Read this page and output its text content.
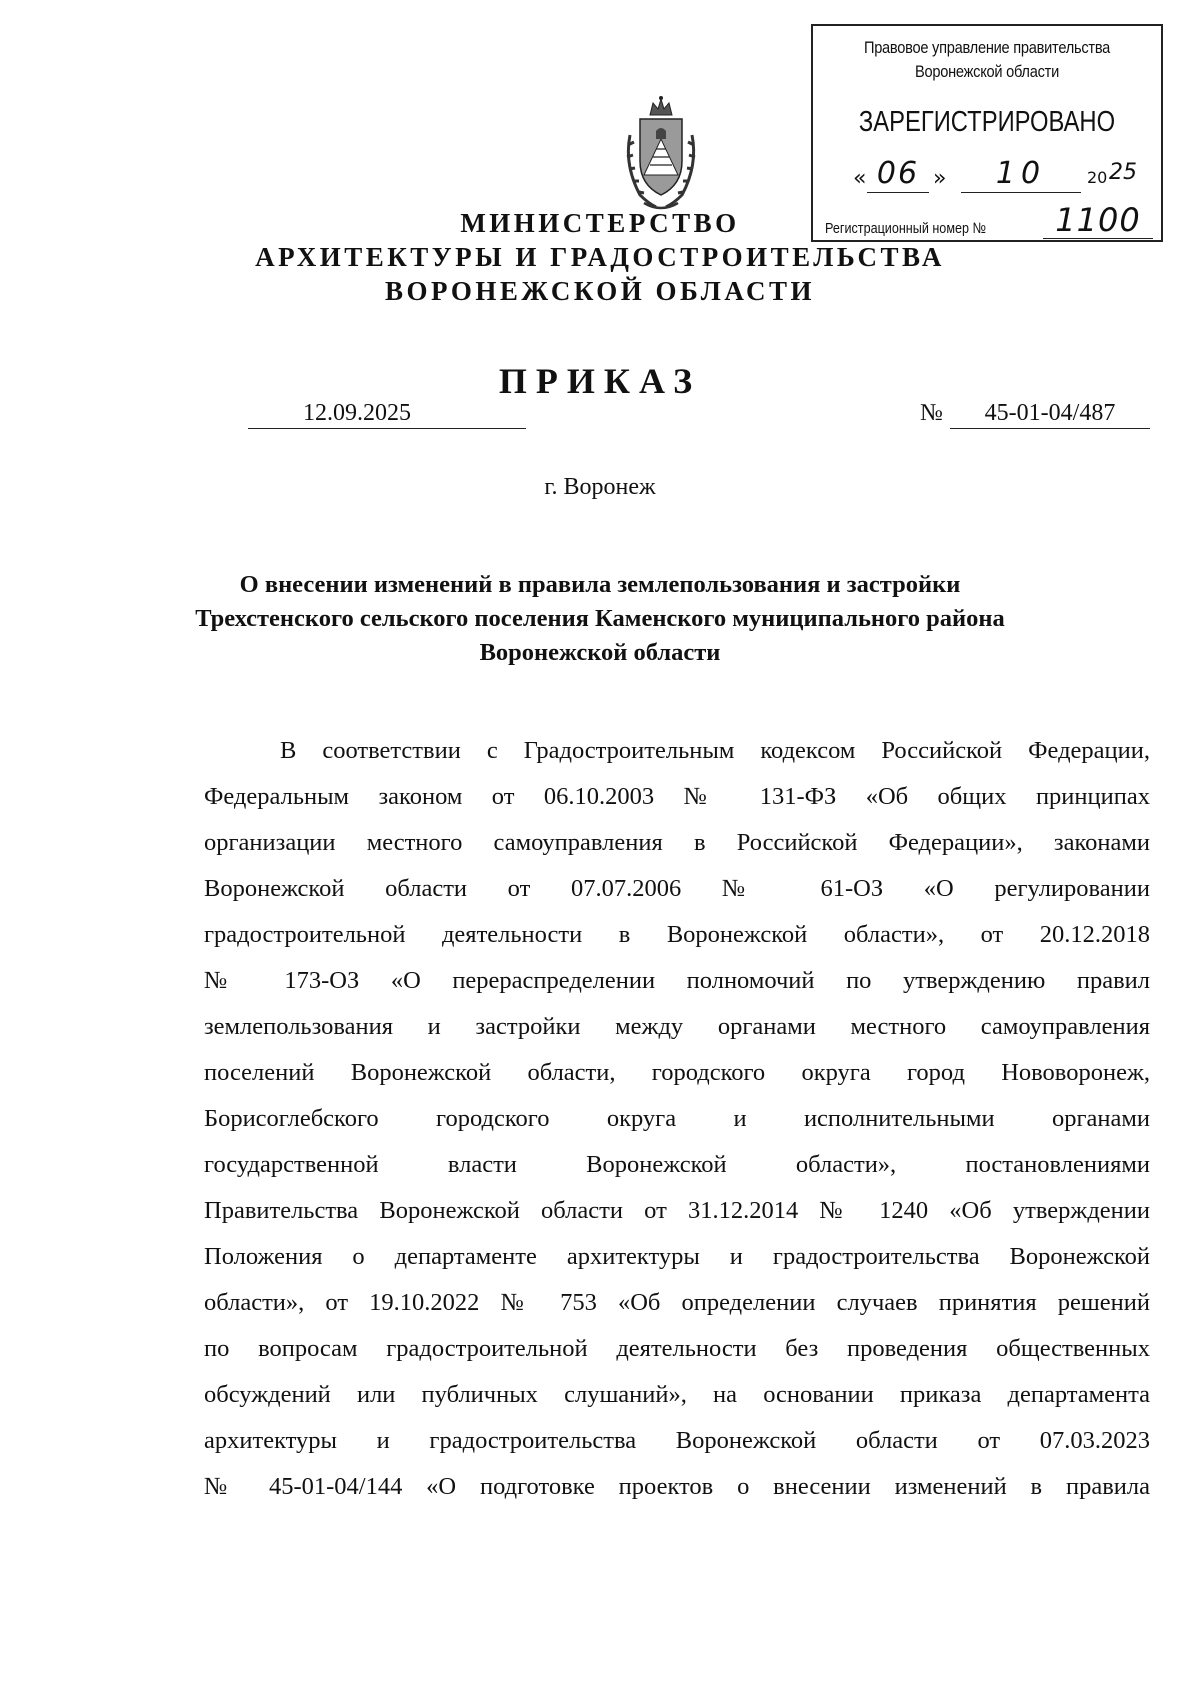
Правовое управление правительства
Воронежской области
ЗАРЕГИСТРИРОВАНО
« 06 »	10	20 25
Регистрационный номер №	1100
МИНИСТЕРСТВО
АРХИТЕКТУРЫ И ГРАДОСТРОИТЕЛЬСТВА
ВОРОНЕЖСКОЙ ОБЛАСТИ
ПРИКАЗ
12.09.2025	№	45-01-04/487
г. Воронеж
О внесении изменений в правила землепользования и застройки
Трехстенского сельского поселения Каменского муниципального района
Воронежской области
В соответствии с Градостроительным кодексом Российской Федерации,
Федеральным законом от 06.10.2003 № 131-ФЗ «Об общих принципах
организации местного самоуправления в Российской Федерации», законами
Воронежской области от 07.07.2006 № 61-ОЗ «О регулировании
градостроительной деятельности в Воронежской области», от 20.12.2018
№ 173-ОЗ «О перераспределении полномочий по утверждению правил
землепользования и застройки между органами местного самоуправления
поселений Воронежской области, городского округа город Нововоронеж,
Борисоглебского городского округа и исполнительными органами
государственной власти Воронежской области», постановлениями
Правительства Воронежской области от 31.12.2014 № 1240 «Об утверждении
Положения о департаменте архитектуры и градостроительства Воронежской
области», от 19.10.2022 № 753 «Об определении случаев принятия решений
по вопросам градостроительной деятельности без проведения общественных
обсуждений или публичных слушаний», на основании приказа департамента
архитектуры и градостроительства Воронежской области от 07.03.2023
№ 45-01-04/144 «О подготовке проектов о внесении изменений в правила
